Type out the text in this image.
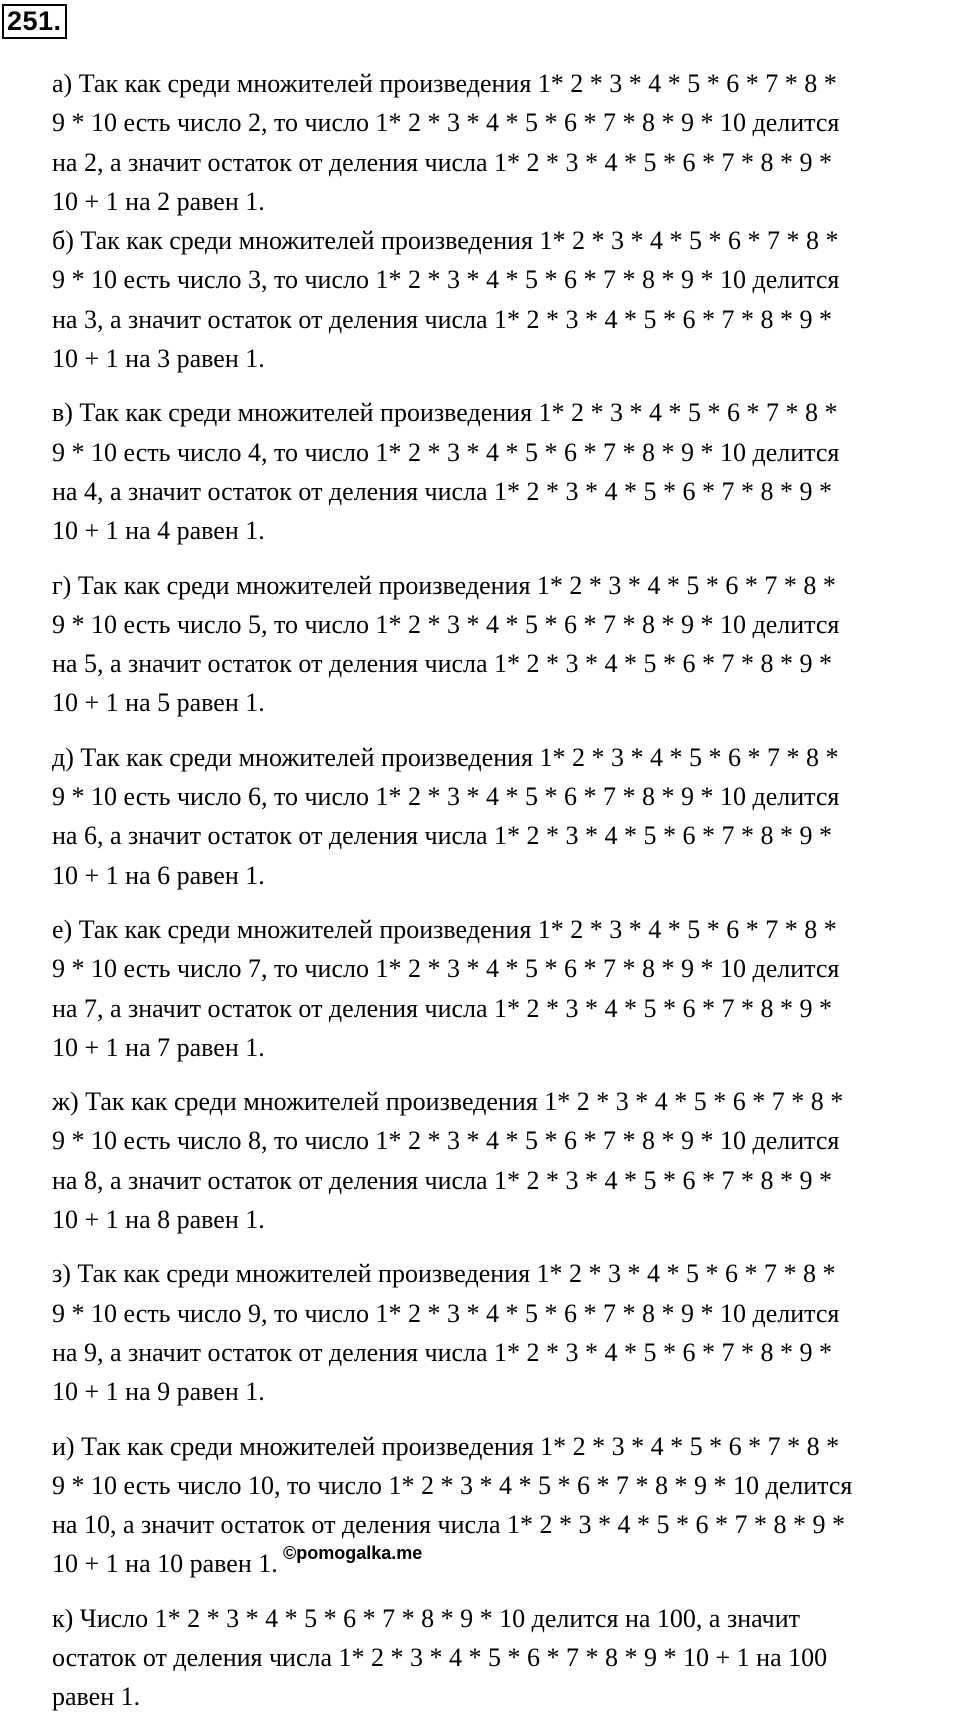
251.

а) Так как среди множителей произведения 1* 2 * 3 * 4 * 5 * 6 * 7 * 8 *
9 * 10 есть число 2, то число 1* 2 * 3 * 4 * 5 * 6 * 7 * 8 * 9 * 10 делится
на 2, а значит остаток от деления числа 1* 2 * 3 * 4 * 5 * 6 * 7 * 8 * 9 *
10 + 1 на 2 равен 1.

б) Так как среди множителей произведения 1* 2 * 3 * 4 * 5 * 6 * 7 * 8 *
9 * 10 есть число 3, то число 1* 2 * 3 * 4 * 5 * 6 * 7 * 8 * 9 * 10 делится
на 3, а значит остаток от деления числа 1* 2 * 3 * 4 * 5 * 6 * 7 * 8 * 9 *
10 + 1 на 3 равен 1.

в) Так как среди множителей произведения 1* 2 * 3 * 4 * 5 * 6 * 7 * 8 *
9 * 10 есть число 4, то число 1* 2 * 3 * 4 * 5 * 6 * 7 * 8 * 9 * 10 делится
на 4, а значит остаток от деления числа 1* 2 * 3 * 4 * 5 * 6 * 7 * 8 * 9 *
10 + 1 на 4 равен 1.

г) Так как среди множителей произведения 1* 2 * 3 * 4 * 5 * 6 * 7 * 8 *
9 * 10 есть число 5, то число 1* 2 * 3 * 4 * 5 * 6 * 7 * 8 * 9 * 10 делится
на 5, а значит остаток от деления числа 1* 2 * 3 * 4 * 5 * 6 * 7 * 8 * 9 *
10 + 1 на 5 равен 1.

д) Так как среди множителей произведения 1* 2 * 3 * 4 * 5 * 6 * 7 * 8 *
9 * 10 есть число 6, то число 1* 2 * 3 * 4 * 5 * 6 * 7 * 8 * 9 * 10 делится
на 6, а значит остаток от деления числа 1* 2 * 3 * 4 * 5 * 6 * 7 * 8 * 9 *
10 + 1 на 6 равен 1.

е) Так как среди множителей произведения 1* 2 * 3 * 4 * 5 * 6 * 7 * 8 *
9 * 10 есть число 7, то число 1* 2 * 3 * 4 * 5 * 6 * 7 * 8 * 9 * 10 делится
на 7, а значит остаток от деления числа 1* 2 * 3 * 4 * 5 * 6 * 7 * 8 * 9 *
10 + 1 на 7 равен 1.

ж) Так как среди множителей произведения 1* 2 * 3 * 4 * 5 * 6 * 7 * 8 *
9 * 10 есть число 8, то число 1* 2 * 3 * 4 * 5 * 6 * 7 * 8 * 9 * 10 делится
на 8, а значит остаток от деления числа 1* 2 * 3 * 4 * 5 * 6 * 7 * 8 * 9 *
10 + 1 на 8 равен 1.

з) Так как среди множителей произведения 1* 2 * 3 * 4 * 5 * 6 * 7 * 8 *
9 * 10 есть число 9, то число 1* 2 * 3 * 4 * 5 * 6 * 7 * 8 * 9 * 10 делится
на 9, а значит остаток от деления числа 1* 2 * 3 * 4 * 5 * 6 * 7 * 8 * 9 *
10 + 1 на 9 равен 1.

и) Так как среди множителей произведения 1* 2 * 3 * 4 * 5 * 6 * 7 * 8 *
9 * 10 есть число 10, то число 1* 2 * 3 * 4 * 5 * 6 * 7 * 8 * 9 * 10 делится
на 10, а значит остаток от деления числа 1* 2 * 3 * 4 * 5 * 6 * 7 * 8 * 9 *
10 + 1 на 10 равен 1.

к) Число 1* 2 * 3 * 4 * 5 * 6 * 7 * 8 * 9 * 10 делится на 100, а значит
остаток от деления числа 1* 2 * 3 * 4 * 5 * 6 * 7 * 8 * 9 * 10 + 1 на 100
равен 1.

©pomogalka.me
